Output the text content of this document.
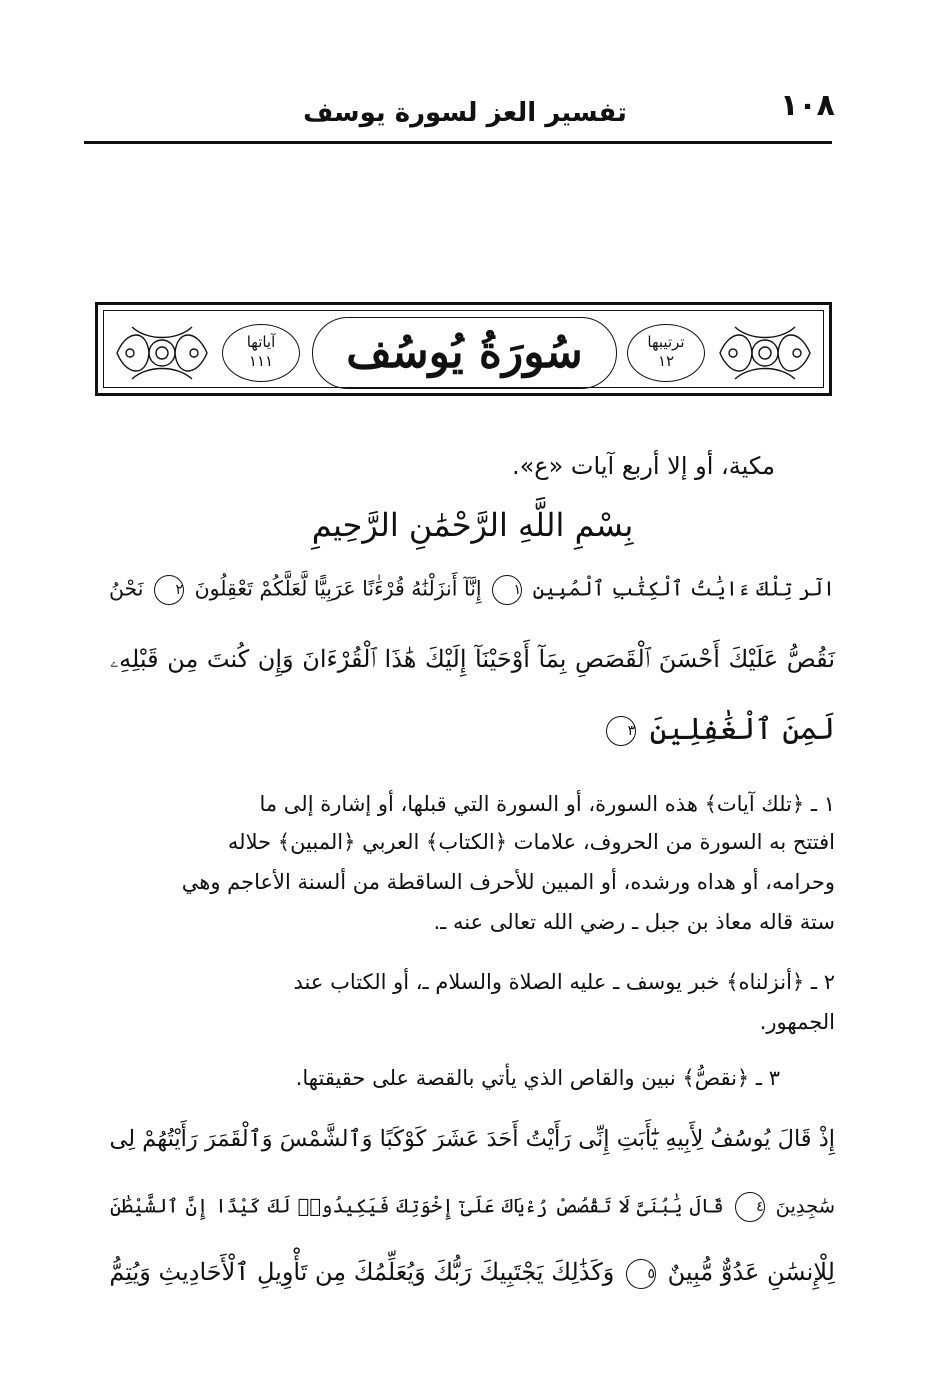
١٠٨
تفسير العز لسورة يوسف
آياتها
١١١	سُورَةُ يُوسُف	ترتيبها
١٢
مكية، أو إلا أربع آيات «ع».
بِسْمِ اللَّهِ الرَّحْمَٰنِ الرَّحِيمِ
الٓر تِلْكَ ءَايَٰتُ ٱلْكِتَٰبِ ٱلْمُبِينِ ١ إِنَّآ أَنزَلْنَٰهُ قُرْءَٰنًا عَرَبِيًّا لَّعَلَّكُمْ تَعْقِلُونَ ٢ نَحْنُ
نَقُصُّ عَلَيْكَ أَحْسَنَ ٱلْقَصَصِ بِمَآ أَوْحَيْنَآ إِلَيْكَ هَٰذَا ٱلْقُرْءَانَ وَإِن كُنتَ مِن قَبْلِهِۦ
لَمِنَ ٱلْغَٰفِلِينَ ٣
١ ـ ﴿تلك آيات﴾ هذه السورة، أو السورة التي قبلها، أو إشارة إلى ما
افتتح به السورة من الحروف، علامات ﴿الكتاب﴾ العربي ﴿المبين﴾ حلاله
وحرامه، أو هداه ورشده، أو المبين للأحرف الساقطة من ألسنة الأعاجم وهي
ستة قاله معاذ بن جبل ـ رضي الله تعالى عنه ـ.
٢ ـ ﴿أنزلناه﴾ خبر يوسف ـ عليه الصلاة والسلام ـ، أو الكتاب عند
الجمهور.
٣ ـ ﴿نقصُّ﴾ نبين والقاص الذي يأتي بالقصة على حقيقتها.
إِذْ قَالَ يُوسُفُ لِأَبِيهِ يَٰٓأَبَتِ إِنِّى رَأَيْتُ أَحَدَ عَشَرَ كَوْكَبًا وَٱلشَّمْسَ وَٱلْقَمَرَ رَأَيْتُهُمْ لِى
سَٰجِدِينَ ٤ قَالَ يَٰبُنَىَّ لَا تَقْصُصْ رُءْيَاكَ عَلَىٰٓ إِخْوَتِكَ فَيَكِيدُوا۟ لَكَ كَيْدًا إِنَّ ٱلشَّيْطَٰنَ
لِلْإِنسَٰنِ عَدُوٌّ مُّبِينٌ ٥ وَكَذَٰلِكَ يَجْتَبِيكَ رَبُّكَ وَيُعَلِّمُكَ مِن تَأْوِيلِ ٱلْأَحَادِيثِ وَيُتِمُّ
